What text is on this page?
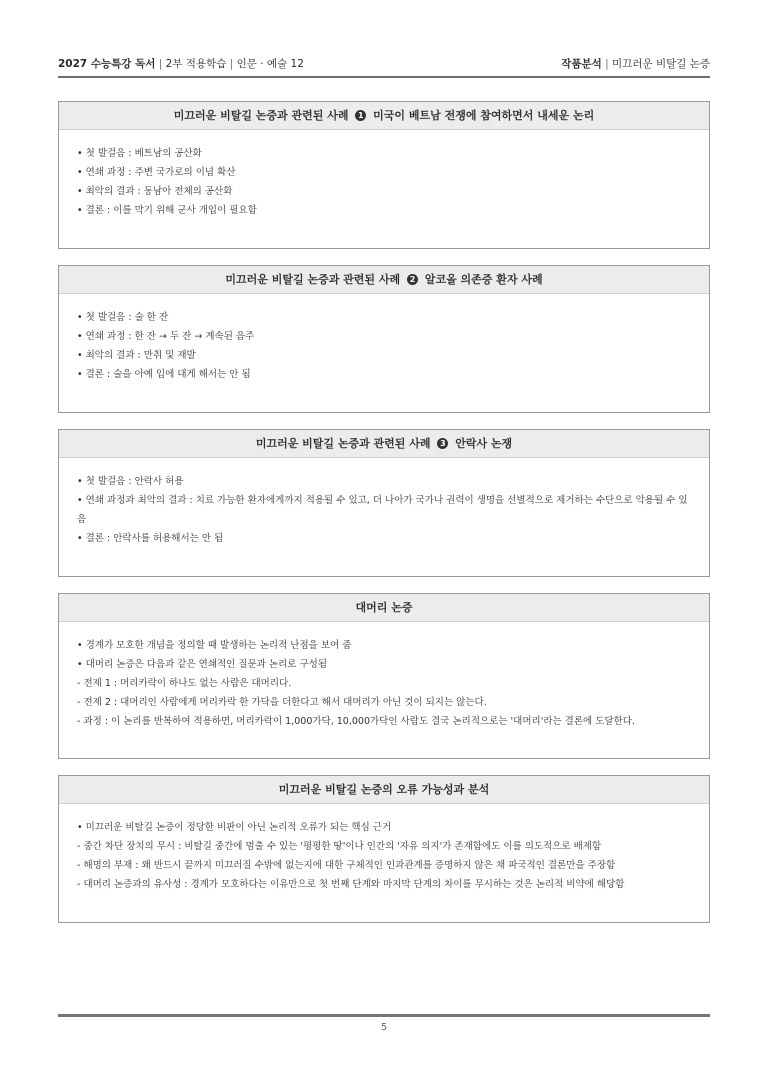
2027 수능특강 독서 | 2부 적용학습 | 인문 · 예술 12	작품분석 | 미끄러운 비탈길 논증
미끄러운 비탈길 논증과 관련된 사례 1 미국이 베트남 전쟁에 참여하면서 내세운 논리
• 첫 발걸음 : 베트남의 공산화
• 연쇄 과정 : 주변 국가로의 이념 확산
• 최악의 결과 : 동남아 전체의 공산화
• 결론 : 이를 막기 위해 군사 개입이 필요함
미끄러운 비탈길 논증과 관련된 사례 2 알코올 의존증 환자 사례
• 첫 발걸음 : 술 한 잔
• 연쇄 과정 : 한 잔 → 두 잔 → 계속된 음주
• 최악의 결과 : 만취 및 재발
• 결론 : 술을 아예 입에 대게 해서는 안 됨
미끄러운 비탈길 논증과 관련된 사례 3 안락사 논쟁
• 첫 발걸음 : 안락사 허용
• 연쇄 과정과 최악의 결과 : 치료 가능한 환자에게까지 적용될 수 있고, 더 나아가 국가나 권력이 생명을 선별적으로 제거하는 수단으로 악용될 수 있음
• 결론 : 안락사를 허용해서는 안 됨
대머리 논증
• 경계가 모호한 개념을 정의할 때 발생하는 논리적 난점을 보여 줌
• 대머리 논증은 다음과 같은 연쇄적인 질문과 논리로 구성됨
- 전제 1 : 머리카락이 하나도 없는 사람은 대머리다.
- 전제 2 : 대머리인 사람에게 머리카락 한 가닥을 더한다고 해서 대머리가 아닌 것이 되지는 않는다.
- 과정 : 이 논리를 반복하여 적용하면, 머리카락이 1,000가닥, 10,000가닥인 사람도 결국 논리적으로는 '대머리'라는 결론에 도달한다.
미끄러운 비탈길 논증의 오류 가능성과 분석
• 미끄러운 비탈길 논증이 정당한 비판이 아닌 논리적 오류가 되는 핵심 근거
- 중간 차단 장치의 무시 : 비탈길 중간에 멈출 수 있는 '평평한 땅'이나 인간의 '자유 의지'가 존재함에도 이를 의도적으로 배제함
- 해명의 부재 : 왜 반드시 끝까지 미끄러질 수밖에 없는지에 대한 구체적인 인과관계를 증명하지 않은 채 파국적인 결론만을 주장함
- 대머리 논증과의 유사성 : 경계가 모호하다는 이유만으로 첫 번째 단계와 마지막 단계의 차이를 무시하는 것은 논리적 비약에 해당함
5
